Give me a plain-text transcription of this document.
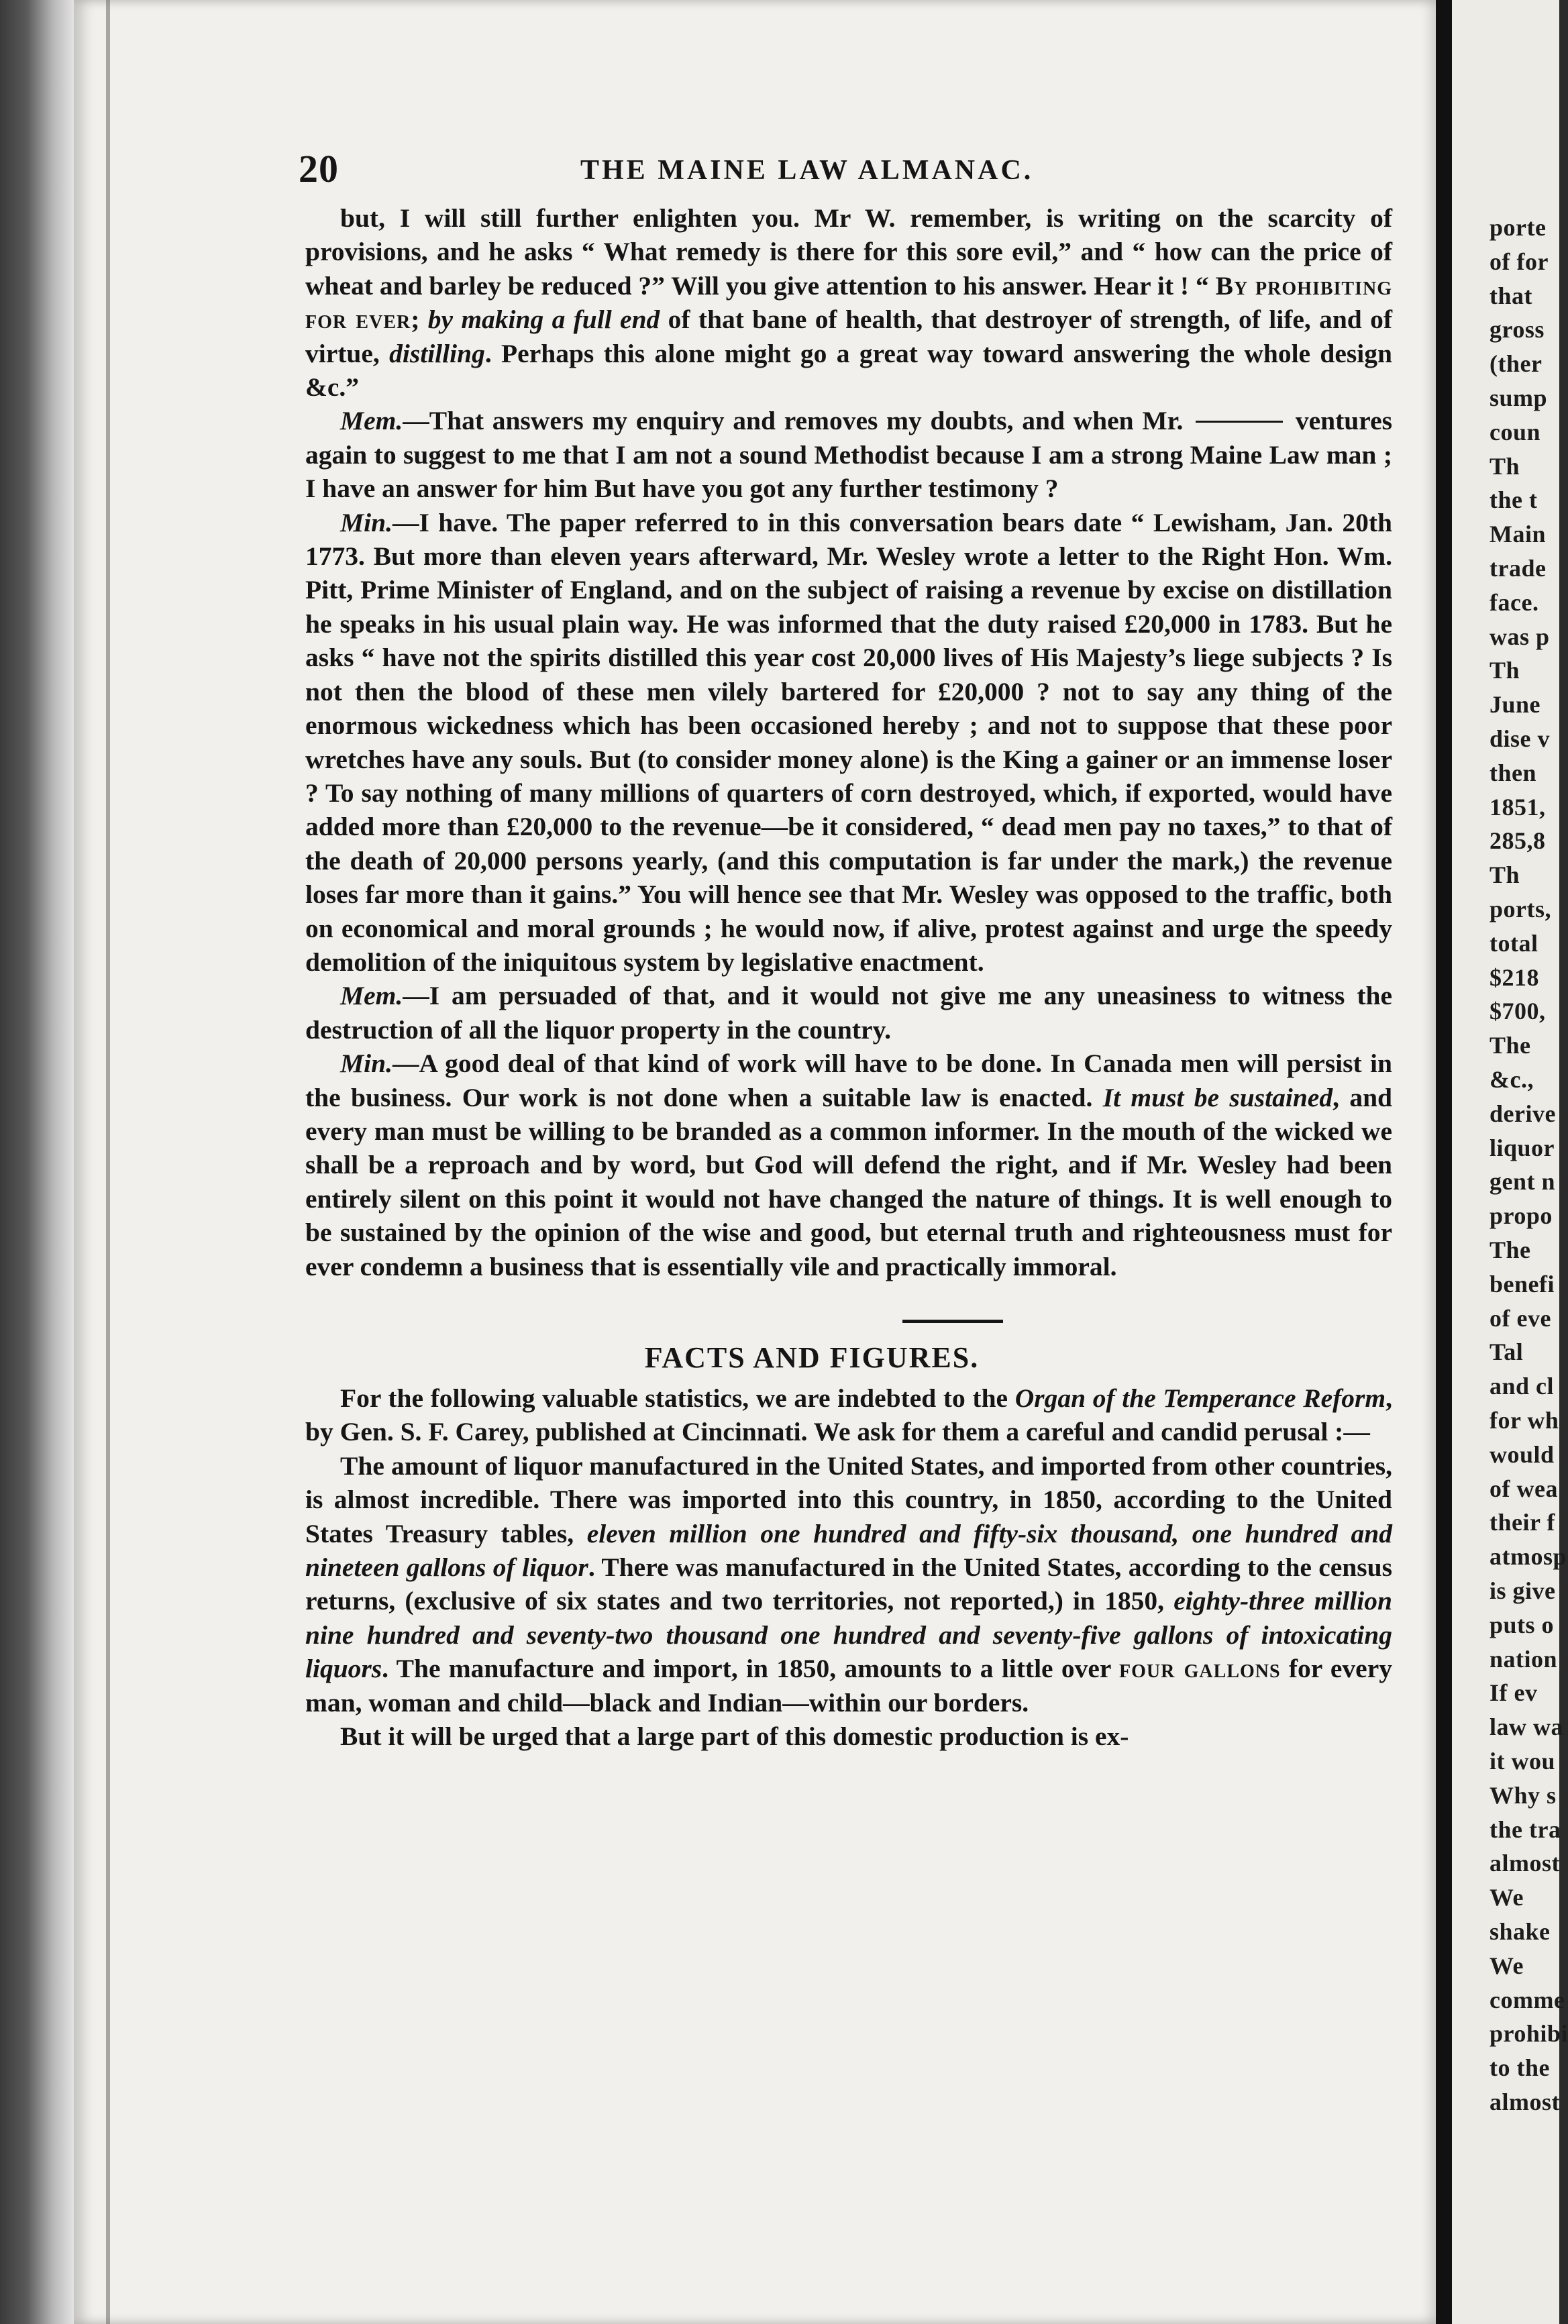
porte
of for
that
gross
(ther
sump
coun
Th
the t
Main
trade
face.
was p
Th
June
dise v
then
1851,
285,8
Th
ports,
total
$218
$700,
The
&c.,
derive
liquor
gent n
propo
The
benefi
of eve
Tal
and cl
for wh
would
of wea
their f
atmosp
is give
puts o
nation
If ev
law wa
it wou
Why s
the tra
almost
We
shake
We
comme
prohibi
to the
almost
20	THE MAINE LAW ALMANAC.

but, I will still further enlighten you. Mr W. remember, is writing on the scarcity of provisions, and he asks “ What remedy is there for this sore evil,” and “ how can the price of wheat and barley be reduced ?” Will you give attention to his answer. Hear it ! “ By prohibiting for ever; by making a full end of that bane of health, that destroyer of strength, of life, and of virtue, distilling. Perhaps this alone might go a great way toward answering the whole design &c.”

Mem.—That answers my enquiry and removes my doubts, and when Mr.	ventures again to suggest to me that I am not a sound Methodist because I am a strong Maine Law man ; I have an answer for him But have you got any further testimony ?

Min.—I have. The paper referred to in this conversation bears date “ Lewisham, Jan. 20th 1773. But more than eleven years afterward, Mr. Wesley wrote a letter to the Right Hon. Wm. Pitt, Prime Minister of England, and on the subject of raising a revenue by excise on distillation he speaks in his usual plain way. He was informed that the duty raised £20,000 in 1783. But he asks “ have not the spirits distilled this year cost 20,000 lives of His Majesty’s liege subjects ? Is not then the blood of these men vilely bartered for £20,000 ? not to say any thing of the enormous wickedness which has been occasioned hereby ; and not to suppose that these poor wretches have any souls. But (to consider money alone) is the King a gainer or an immense loser ? To say nothing of many millions of quarters of corn destroyed, which, if exported, would have added more than £20,000 to the revenue—be it considered, “ dead men pay no taxes,” to that of the death of 20,000 persons yearly, (and this computation is far under the mark,) the revenue loses far more than it gains.” You will hence see that Mr. Wesley was opposed to the traffic, both on economical and moral grounds ; he would now, if alive, protest against and urge the speedy demolition of the iniquitous system by legislative enactment.

Mem.—I am persuaded of that, and it would not give me any uneasiness to witness the destruction of all the liquor property in the country.

Min.—A good deal of that kind of work will have to be done. In Canada men will persist in the business. Our work is not done when a suitable law is enacted. It must be sustained, and every man must be willing to be branded as a common informer. In the mouth of the wicked we shall be a reproach and by word, but God will defend the right, and if Mr. Wesley had been entirely silent on this point it would not have changed the nature of things. It is well enough to be sustained by the opinion of the wise and good, but eternal truth and righteousness must for ever condemn a business that is essentially vile and practically immoral.

FACTS AND FIGURES.

For the following valuable statistics, we are indebted to the Organ of the Temperance Reform, by Gen. S. F. Carey, published at Cincinnati. We ask for them a careful and candid perusal :—

The amount of liquor manufactured in the United States, and imported from other countries, is almost incredible. There was imported into this country, in 1850, according to the United States Treasury tables, eleven million one hundred and fifty-six thousand, one hundred and nineteen gallons of liquor. There was manufactured in the United States, according to the census returns, (exclusive of six states and two territories, not reported,) in 1850, eighty-three million nine hundred and seventy-two thousand one hundred and seventy-five gallons of intoxicating liquors. The manufacture and import, in 1850, amounts to a little over four gallons for every man, woman and child—black and Indian—within our borders.

But it will be urged that a large part of this domestic production is ex-
